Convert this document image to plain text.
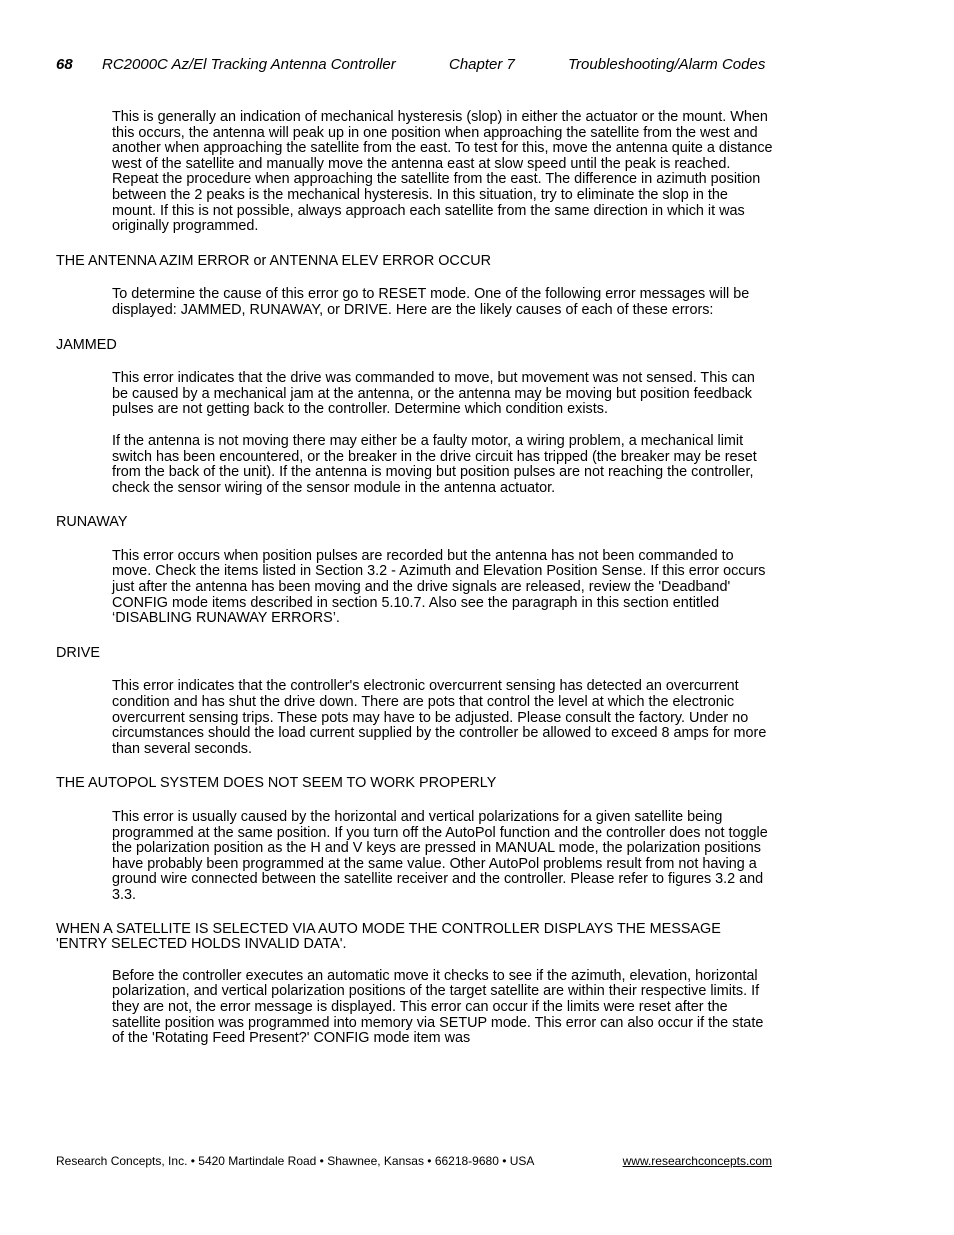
68 RC2000C Az/El Tracking Antenna Controller	Chapter 7	Troubleshooting/Alarm Codes

This is generally an indication of mechanical hysteresis (slop) in either the actuator or the mount. When this occurs, the antenna will peak up in one position when approaching the satellite from the west and another when approaching the satellite from the east. To test for this, move the antenna quite a distance west of the satellite and manually move the antenna east at slow speed until the peak is reached. Repeat the procedure when approaching the satellite from the east. The difference in azimuth position between the 2 peaks is the mechanical hysteresis. In this situation, try to eliminate the slop in the mount. If this is not possible, always approach each satellite from the same direction in which it was originally programmed.

THE ANTENNA AZIM ERROR or ANTENNA ELEV ERROR OCCUR

To determine the cause of this error go to RESET mode. One of the following error messages will be displayed: JAMMED, RUNAWAY, or DRIVE. Here are the likely causes of each of these errors:

JAMMED

This error indicates that the drive was commanded to move, but movement was not sensed. This can be caused by a mechanical jam at the antenna, or the antenna may be moving but position feedback pulses are not getting back to the controller. Determine which condition exists.

If the antenna is not moving there may either be a faulty motor, a wiring problem, a mechanical limit switch has been encountered, or the breaker in the drive circuit has tripped (the breaker may be reset from the back of the unit). If the antenna is moving but position pulses are not reaching the controller, check the sensor wiring of the sensor module in the antenna actuator.

RUNAWAY

This error occurs when position pulses are recorded but the antenna has not been commanded to move. Check the items listed in Section 3.2 - Azimuth and Elevation Position Sense. If this error occurs just after the antenna has been moving and the drive signals are released, review the 'Deadband' CONFIG mode items described in section 5.10.7. Also see the paragraph in this section entitled ‘DISABLING RUNAWAY ERRORS’.

DRIVE

This error indicates that the controller's electronic overcurrent sensing has detected an overcurrent condition and has shut the drive down. There are pots that control the level at which the electronic overcurrent sensing trips. These pots may have to be adjusted. Please consult the factory. Under no circumstances should the load current supplied by the controller be allowed to exceed 8 amps for more than several seconds.

THE AUTOPOL SYSTEM DOES NOT SEEM TO WORK PROPERLY

This error is usually caused by the horizontal and vertical polarizations for a given satellite being programmed at the same position. If you turn off the AutoPol function and the controller does not toggle the polarization position as the H and V keys are pressed in MANUAL mode, the polarization positions have probably been programmed at the same value. Other AutoPol problems result from not having a ground wire connected between the satellite receiver and the controller. Please refer to figures 3.2 and 3.3.

WHEN A SATELLITE IS SELECTED VIA AUTO MODE THE CONTROLLER DISPLAYS THE MESSAGE 'ENTRY SELECTED HOLDS INVALID DATA'.

Before the controller executes an automatic move it checks to see if the azimuth, elevation, horizontal polarization, and vertical polarization positions of the target satellite are within their respective limits. If they are not, the error message is displayed. This error can occur if the limits were reset after the satellite position was programmed into memory via SETUP mode. This error can also occur if the state of the 'Rotating Feed Present?' CONFIG mode item was

Research Concepts, Inc. • 5420 Martindale Road • Shawnee, Kansas • 66218-9680 • USA	www.researchconcepts.com
